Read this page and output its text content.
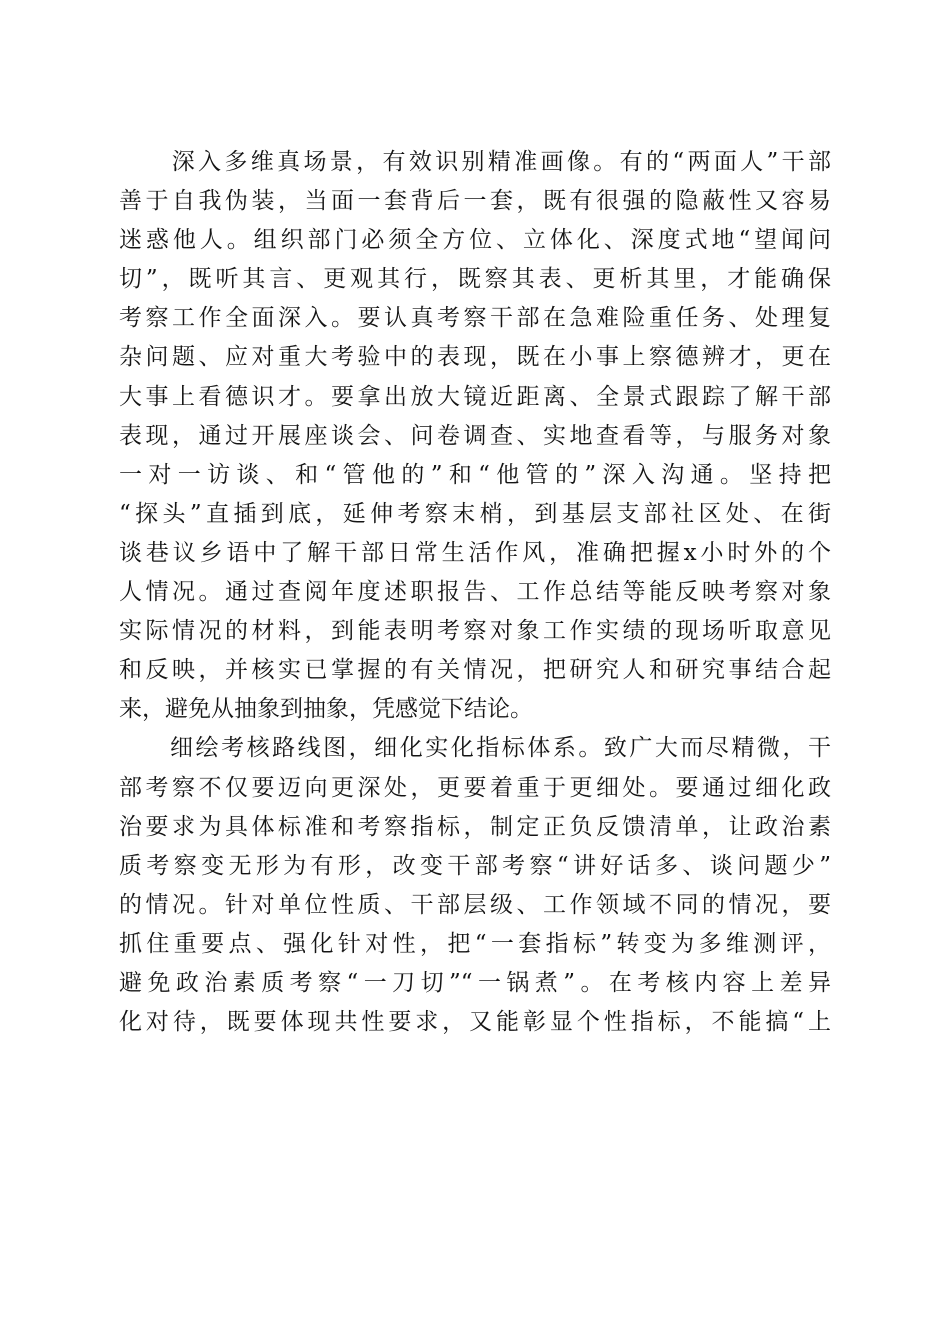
　　深入多维真场景，有效识别精准画像。有的“两面人”干部
善于自我伪装，当面一套背后一套，既有很强的隐蔽性又容易
迷惑他人。组织部门必须全方位、立体化、深度式地“望闻问
切”，既听其言、更观其行，既察其表、更析其里，才能确保
考察工作全面深入。要认真考察干部在急难险重任务、处理复
杂问题、应对重大考验中的表现，既在小事上察德辨才，更在
大事上看德识才。要拿出放大镜近距离、全景式跟踪了解干部
表现，通过开展座谈会、问卷调查、实地查看等，与服务对象
一对一访谈、和“管他的”和“他管的”深入沟通。坚持把
“探头”直插到底，延伸考察末梢，到基层支部社区处、在街
谈巷议乡语中了解干部日常生活作风，准确把握x小时外的个
人情况。通过查阅年度述职报告、工作总结等能反映考察对象
实际情况的材料，到能表明考察对象工作实绩的现场听取意见
和反映，并核实已掌握的有关情况，把研究人和研究事结合起
来，避免从抽象到抽象，凭感觉下结论。
　　细绘考核路线图，细化实化指标体系。致广大而尽精微，干
部考察不仅要迈向更深处，更要着重于更细处。要通过细化政
治要求为具体标准和考察指标，制定正负反馈清单，让政治素
质考察变无形为有形，改变干部考察“讲好话多、谈问题少”
的情况。针对单位性质、干部层级、工作领域不同的情况，要
抓住重要点、强化针对性，把“一套指标”转变为多维测评，
避免政治素质考察“一刀切”“一锅煮”。在考核内容上差异
化对待，既要体现共性要求，又能彰显个性指标，不能搞“上
